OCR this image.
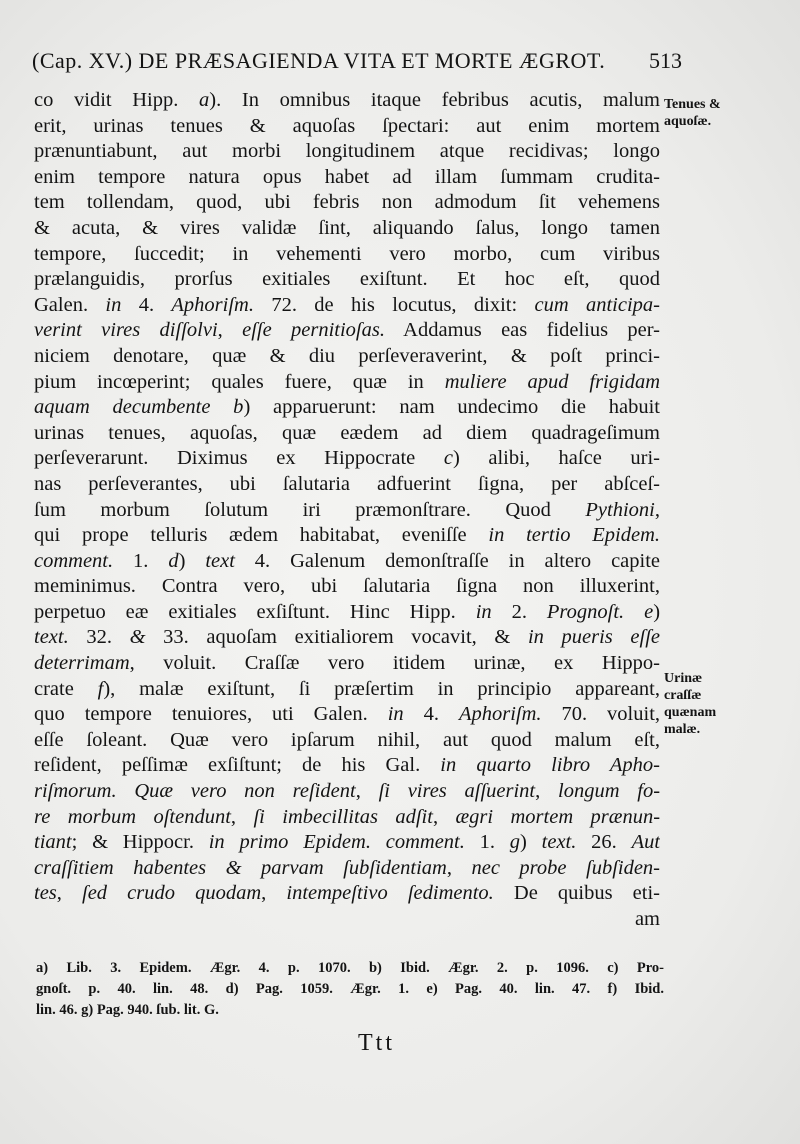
(Cap. XV.) DE PRÆSAGIENDA VITA ET MORTE ÆGROT. 513
co vidit Hipp. a). In omnibus itaque febribus acutis, malum
erit, urinas tenues & aquoſas ſpectari: aut enim mortem
prænuntiabunt, aut morbi longitudinem atque recidivas; longo
enim tempore natura opus habet ad illam ſummam crudita-
tem tollendam, quod, ubi febris non admodum ſit vehemens
& acuta, & vires validæ ſint, aliquando ſalus, longo tamen
tempore, ſuccedit; in vehementi vero morbo, cum viribus
prælanguidis, prorſus exitiales exiſtunt. Et hoc eſt, quod
Galen. in 4. Aphoriſm. 72. de his locutus, dixit: cum anticipa-
verint vires diſſolvi, eſſe pernitioſas. Addamus eas fidelius per-
niciem denotare, quæ & diu perſeveraverint, & poſt princi-
pium incœperint; quales fuere, quæ in muliere apud frigidam
aquam decumbente b) apparuerunt: nam undecimo die habuit
urinas tenues, aquoſas, quæ eædem ad diem quadrageſimum
perſeverarunt. Diximus ex Hippocrate c) alibi, haſce uri-
nas perſeverantes, ubi ſalutaria adfuerint ſigna, per abſceſ-
ſum morbum ſolutum iri præmonſtrare. Quod Pythioni,
qui prope telluris ædem habitabat, eveniſſe in tertio Epidem.
comment. 1. d) text 4. Galenum demonſtraſſe in altero capite
meminimus. Contra vero, ubi ſalutaria ſigna non illuxerint,
perpetuo eæ exitiales exſiſtunt. Hinc Hipp. in 2. Prognoſt. e)
text. 32. & 33. aquoſam exitialiorem vocavit, & in pueris eſſe
deterrimam, voluit. Craſſæ vero itidem urinæ, ex Hippo-
crate f), malæ exiſtunt, ſi præſertim in principio appareant,
quo tempore tenuiores, uti Galen. in 4. Aphoriſm. 70. voluit,
eſſe ſoleant. Quæ vero ipſarum nihil, aut quod malum eſt,
reſident, peſſimæ exſiſtunt; de his Gal. in quarto libro Apho-
riſmorum. Quæ vero non reſident, ſi vires aſſuerint, longum fo-
re morbum oſtendunt, ſi imbecillitas adſit, ægri mortem prænun-
tiant; & Hippocr. in primo Epidem. comment. 1. g) text. 26. Aut
craſſitiem habentes & parvam ſubſidentiam, nec probe ſubſiden-
tes, ſed crudo quodam, intempeſtivo ſedimento. De quibus eti-
am
Tenues &
aquoſæ.
Urinæ
craſſæ
quænam
malæ.
a) Lib. 3. Epidem. Ægr. 4. p. 1070. b) Ibid. Ægr. 2. p. 1096. c) Pro-
gnoſt. p. 40. lin. 48. d) Pag. 1059. Ægr. 1. e) Pag. 40. lin. 47. f) Ibid.
lin. 46. g) Pag. 940. ſub. lit. G.
Ttt
